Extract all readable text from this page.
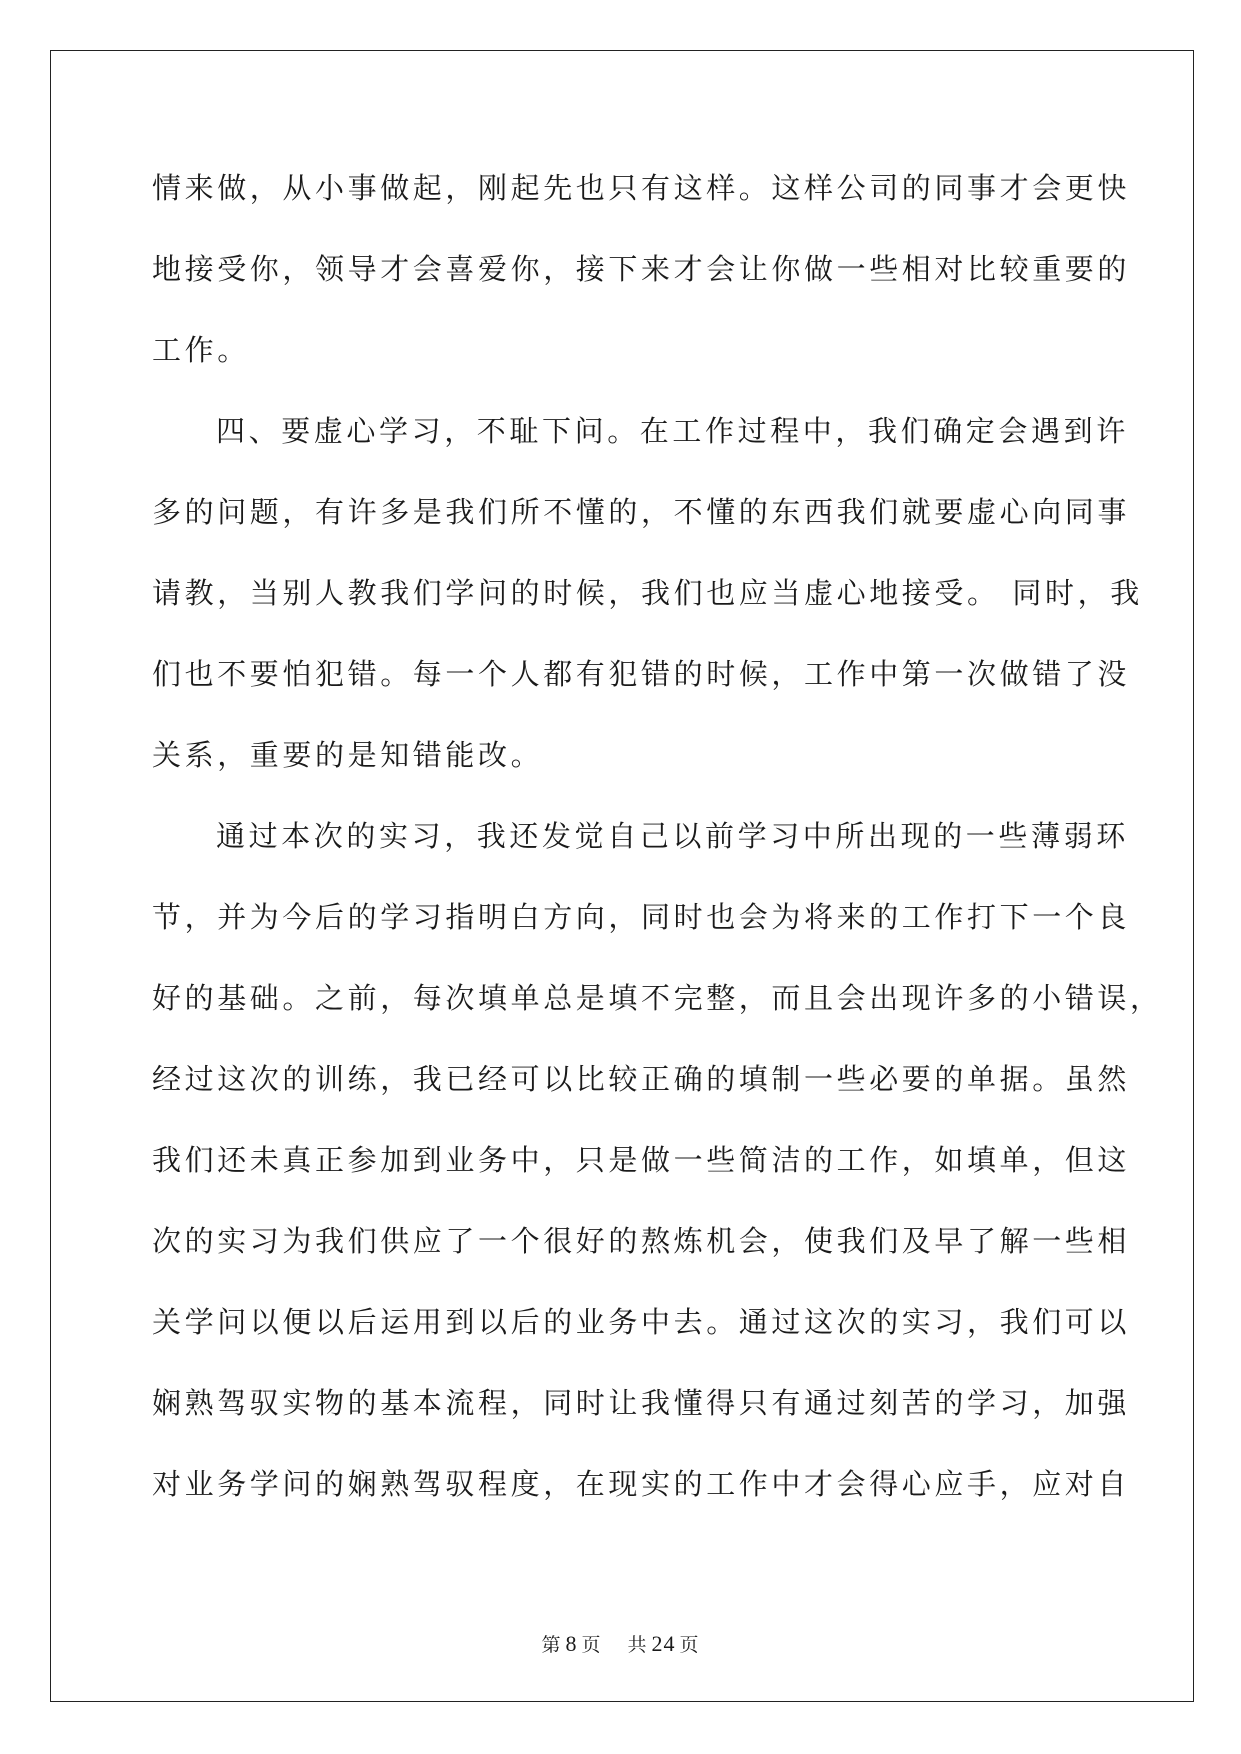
情来做，从小事做起，刚起先也只有这样。这样公司的同事才会更快
地接受你，领导才会喜爱你，接下来才会让你做一些相对比较重要的
工作。
四、要虚心学习，不耻下问。在工作过程中，我们确定会遇到许
多的问题，有许多是我们所不懂的，不懂的东西我们就要虚心向同事
请教，当别人教我们学问的时候，我们也应当虚心地接受。 同时，我
们也不要怕犯错。每一个人都有犯错的时候，工作中第一次做错了没
关系，重要的是知错能改。
通过本次的实习，我还发觉自己以前学习中所出现的一些薄弱环
节，并为今后的学习指明白方向，同时也会为将来的工作打下一个良
好的基础。之前，每次填单总是填不完整，而且会出现许多的小错误，
经过这次的训练，我已经可以比较正确的填制一些必要的单据。虽然
我们还未真正参加到业务中，只是做一些简洁的工作，如填单，但这
次的实习为我们供应了一个很好的熬炼机会，使我们及早了解一些相
关学问以便以后运用到以后的业务中去。通过这次的实习，我们可以
娴熟驾驭实物的基本流程，同时让我懂得只有通过刻苦的学习，加强
对业务学问的娴熟驾驭程度，在现实的工作中才会得心应手，应对自
第 8 页 共 24 页
